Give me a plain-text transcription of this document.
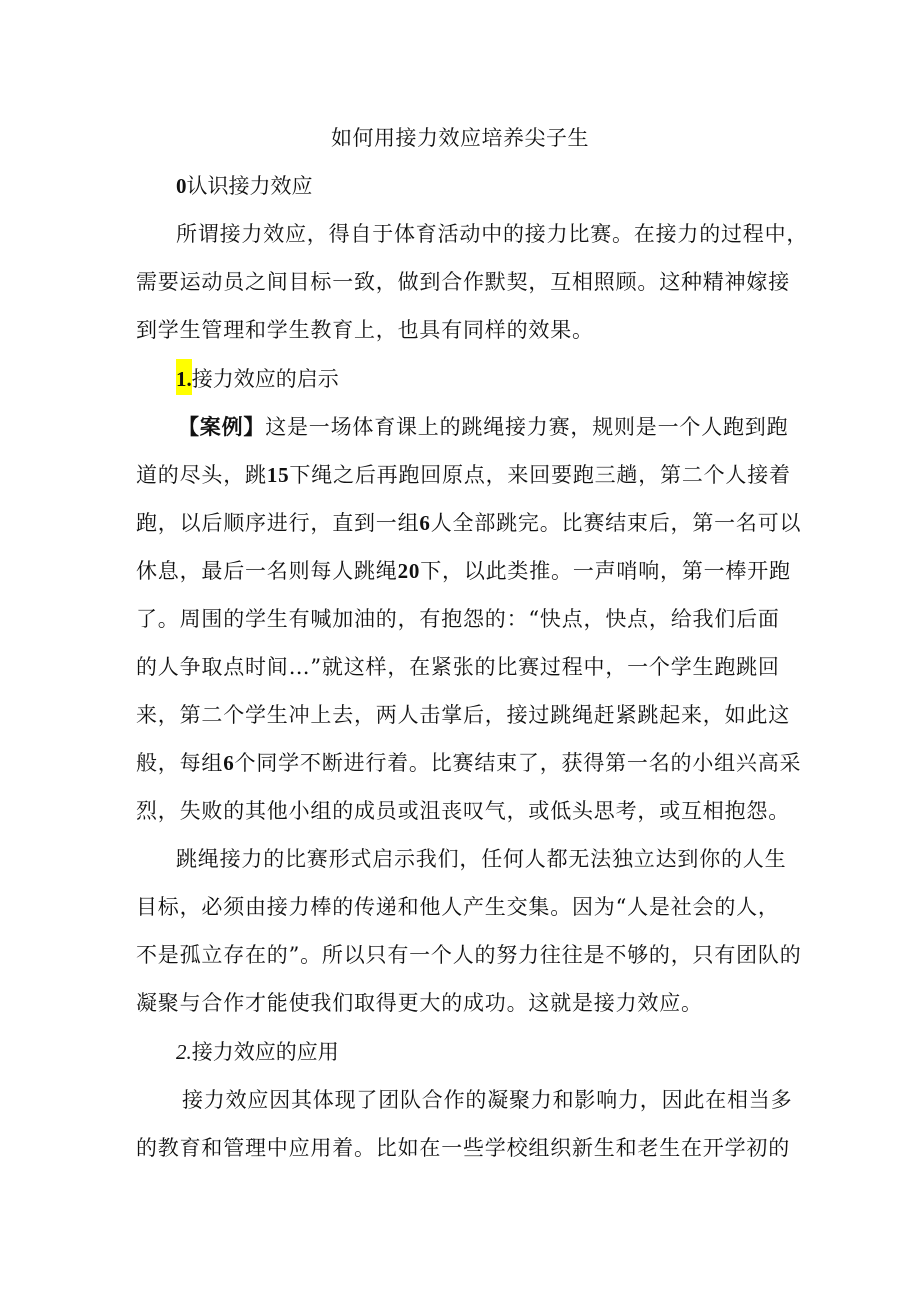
如何用接力效应培养尖子生
0认识接力效应
所谓接力效应，得自于体育活动中的接力比赛。在接力的过程中，
需要运动员之间目标一致，做到合作默契，互相照顾。这种精神嫁接
到学生管理和学生教育上，也具有同样的效果。
1.接力效应的启示
【案例】这是一场体育课上的跳绳接力赛，规则是一个人跑到跑
道的尽头，跳15下绳之后再跑回原点，来回要跑三趟，第二个人接着
跑，以后顺序进行，直到一组6人全部跳完。比赛结束后，第一名可以
休息，最后一名则每人跳绳20下，以此类推。一声哨响，第一棒开跑
了。周围的学生有喊加油的，有抱怨的：“快点，快点，给我们后面
的人争取点时间…”就这样，在紧张的比赛过程中，一个学生跑跳回
来，第二个学生冲上去，两人击掌后，接过跳绳赶紧跳起来，如此这
般，每组6个同学不断进行着。比赛结束了，获得第一名的小组兴高采
烈，失败的其他小组的成员或沮丧叹气，或低头思考，或互相抱怨。
跳绳接力的比赛形式启示我们，任何人都无法独立达到你的人生
目标，必须由接力棒的传递和他人产生交集。因为“人是社会的人，
不是孤立存在的”。所以只有一个人的努力往往是不够的，只有团队的
凝聚与合作才能使我们取得更大的成功。这就是接力效应。
2.接力效应的应用
接力效应因其体现了团队合作的凝聚力和影响力，因此在相当多
的教育和管理中应用着。比如在一些学校组织新生和老生在开学初的
